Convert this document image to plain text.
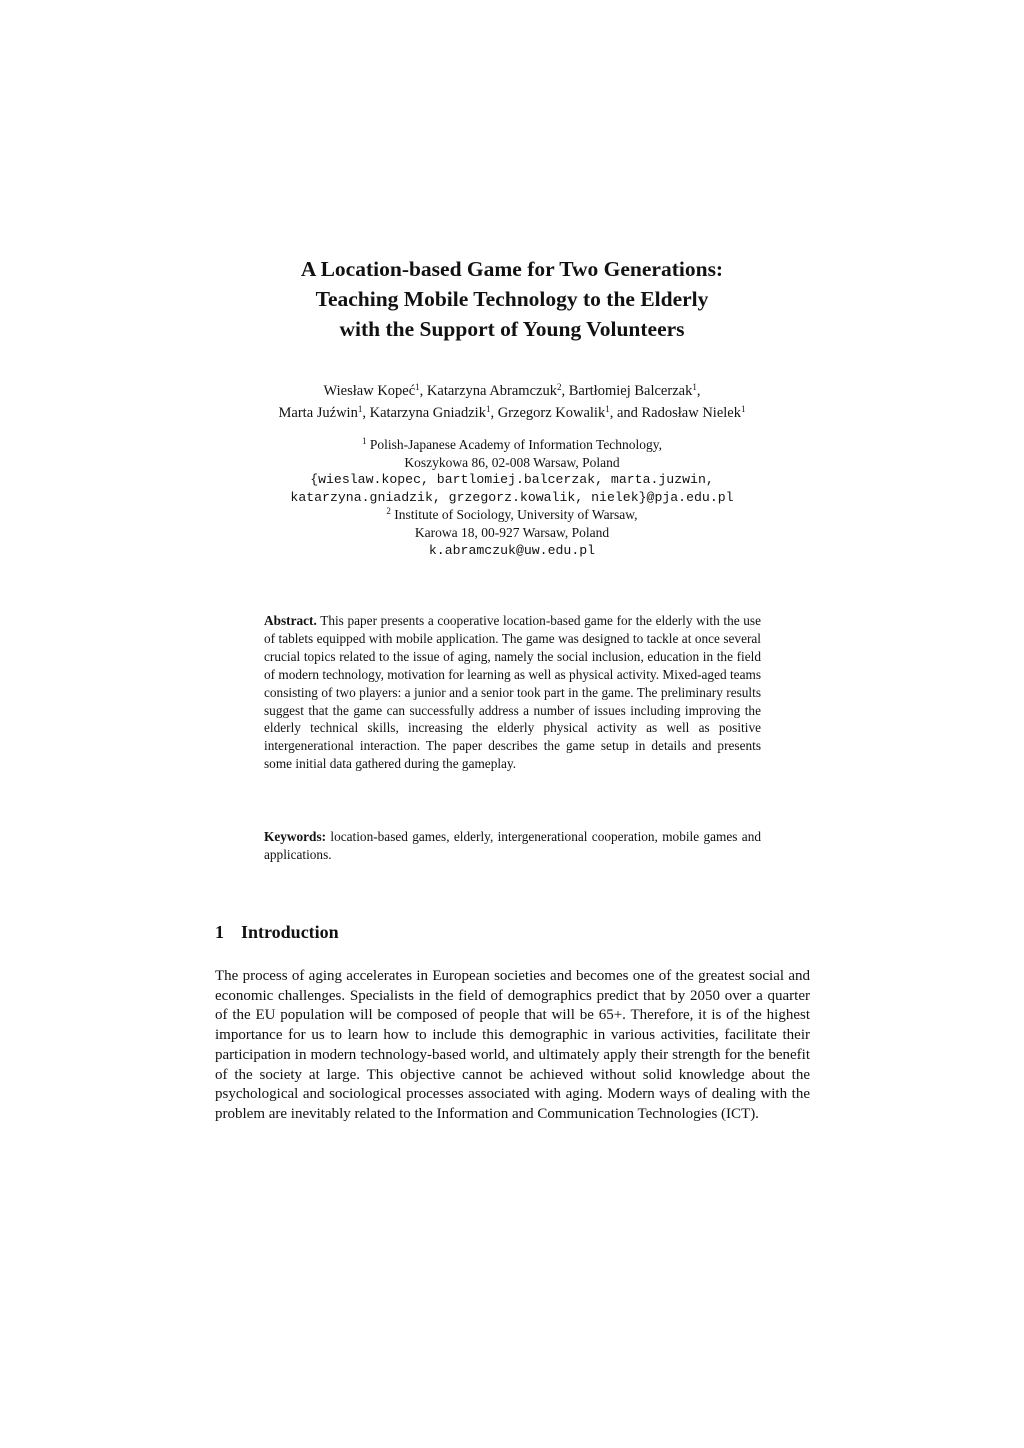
A Location-based Game for Two Generations:
Teaching Mobile Technology to the Elderly
with the Support of Young Volunteers
Wiesław Kopeć$^1$, Katarzyna Abramczuk$^2$, Bartłomiej Balcerzak$^1$,
Marta Juźwin$^1$, Katarzyna Gniadzik$^1$, Grzegorz Kowalik$^1$, and Radosław Nielek$^1$
$^1$ Polish-Japanese Academy of Information Technology,
Koszykowa 86, 02-008 Warsaw, Poland
{wieslaw.kopec, bartlomiej.balcerzak, marta.juzwin,
katarzyna.gniadzik, grzegorz.kowalik, nielek}@pja.edu.pl
$^2$ Institute of Sociology, University of Warsaw,
Karowa 18, 00-927 Warsaw, Poland
k.abramczuk@uw.edu.pl

Abstract. This paper presents a cooperative location-based game for the elderly with the use of tablets equipped with mobile application. The game was designed to tackle at once several crucial topics related to the issue of aging, namely the social inclusion, education in the field of modern technology, motivation for learning as well as physical activity. Mixed-aged teams consisting of two players: a junior and a senior took part in the game. The preliminary results suggest that the game can successfully address a number of issues including improving the elderly technical skills, increasing the elderly physical activity as well as positive intergenerational interaction. The paper describes the game setup in details and presents some initial data gathered during the gameplay.

Keywords: location-based games, elderly, intergenerational cooperation, mobile games and applications.

1 Introduction

The process of aging accelerates in European societies and becomes one of the greatest social and economic challenges. Specialists in the field of demographics predict that by 2050 over a quarter of the EU population will be composed of people that will be 65+. Therefore, it is of the highest importance for us to learn how to include this demographic in various activities, facilitate their participation in modern technology-based world, and ultimately apply their strength for the benefit of the society at large. This objective cannot be achieved without solid knowledge about the psychological and sociological processes associated with aging. Modern ways of dealing with the problem are inevitably related to the Information and Communication Technologies (ICT).
